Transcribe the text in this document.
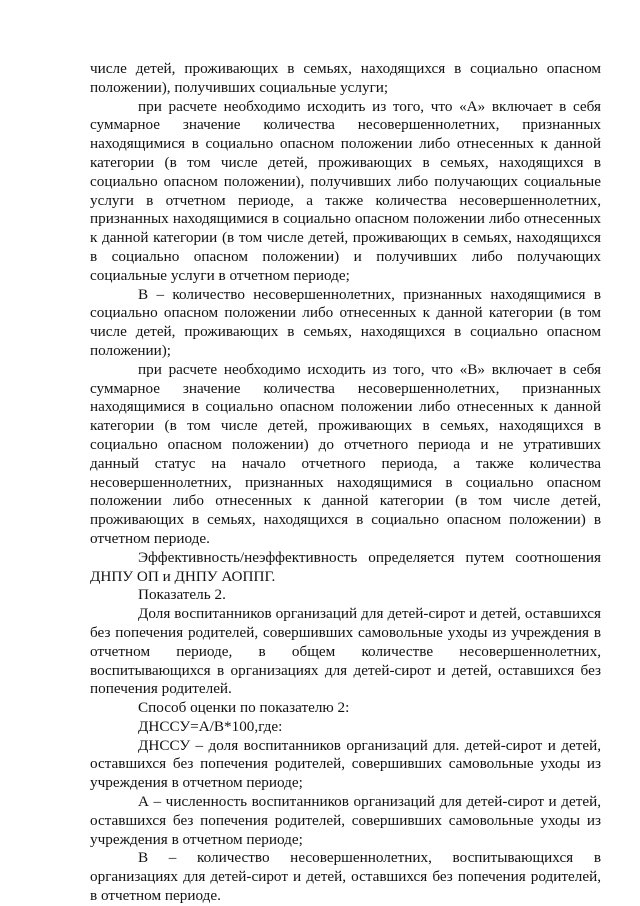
числе детей, проживающих в семьях, находящихся в социально опасном положении), получивших социальные услуги;

при расчете необходимо исходить из того, что «А» включает в себя суммарное значение количества несовершеннолетних, признанных находящимися в социально опасном положении либо отнесенных к данной категории (в том числе детей, проживающих в семьях, находящихся в социально опасном положении), получивших либо получающих социальные услуги в отчетном периоде, а также количества несовершеннолетних, признанных находящимися в социально опасном положении либо отнесенных к данной категории (в том числе детей, проживающих в семьях, находящихся в социально опасном положении) и получивших либо получающих социальные услуги в отчетном периоде;

В – количество несовершеннолетних, признанных находящимися в социально опасном положении либо отнесенных к данной категории (в том числе детей, проживающих в семьях, находящихся в социально опасном положении);

при расчете необходимо исходить из того, что «В» включает в себя суммарное значение количества несовершеннолетних, признанных находящимися в социально опасном положении либо отнесенных к данной категории (в том числе детей, проживающих в семьях, находящихся в социально опасном положении) до отчетного периода и не утративших данный статус на начало отчетного периода, а также количества несовершеннолетних, признанных находящимися в социально опасном положении либо отнесенных к данной категории (в том числе детей, проживающих в семьях, находящихся в социально опасном положении) в отчетном периоде.

Эффективность/неэффективность определяется путем соотношения ДНПУ ОП и ДНПУ АОППГ.

Показатель 2.

Доля воспитанников организаций для детей-сирот и детей, оставшихся без попечения родителей, совершивших самовольные уходы из учреждения в отчетном периоде, в общем количестве несовершеннолетних, воспитывающихся в организациях для детей-сирот и детей, оставшихся без попечения родителей.

Способ оценки по показателю 2:

ДНССУ=А/В*100,где:

ДНССУ – доля воспитанников организаций для. детей-сирот и детей, оставшихся без попечения родителей, совершивших самовольные уходы из учреждения в отчетном периоде;

А – численность воспитанников организаций для детей-сирот и детей, оставшихся без попечения родителей, совершивших самовольные уходы из учреждения в отчетном периоде;

В – количество несовершеннолетних, воспитывающихся в организациях для детей-сирот и детей, оставшихся без попечения родителей, в отчетном периоде.
